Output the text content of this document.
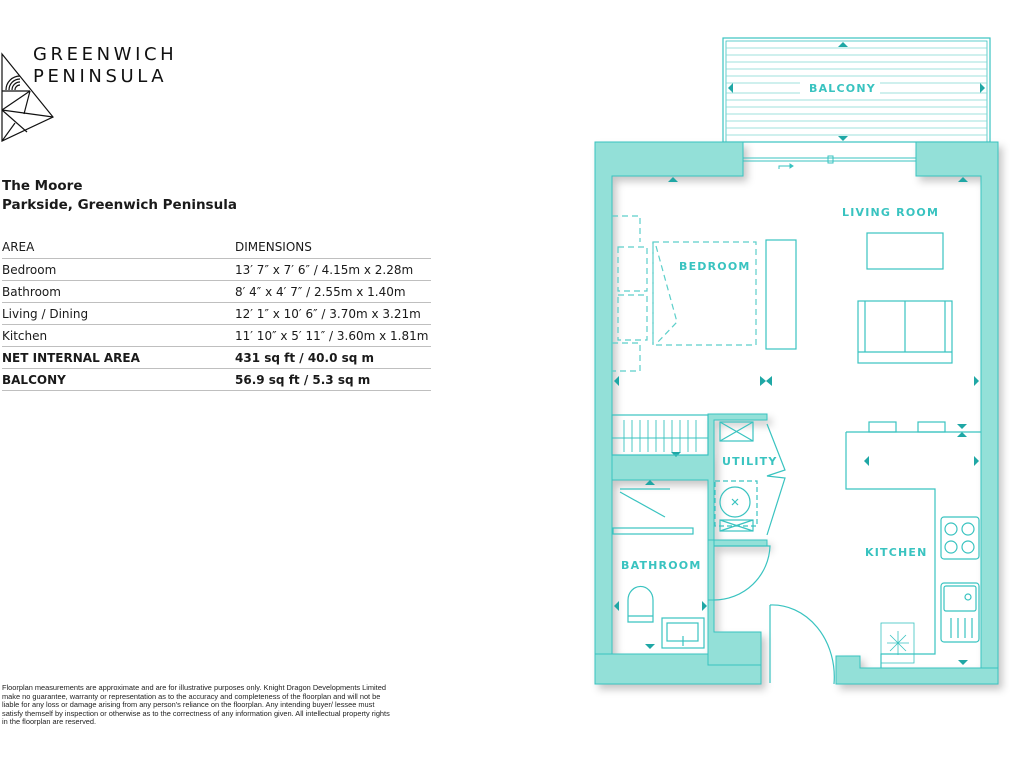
GREENWICH
PENINSULA
The Moore
Parkside, Greenwich Peninsula
AREA	DIMENSIONS
Bedroom	13′ 7″ x 7′ 6″ / 4.15m x 2.28m
Bathroom	8′ 4″ x 4′ 7″ / 2.55m x 1.40m
Living / Dining	12′ 1″ x 10′ 6″ / 3.70m x 3.21m
Kitchen	11′ 10″ x 5′ 11″ / 3.60m x 1.81m
NET INTERNAL AREA	431 sq ft / 40.0 sq m
BALCONY	56.9 sq ft / 5.3 sq m
Floorplan measurements are approximate and are for illustrative purposes only. Knight Dragon Developments Limited make no guarantee, warranty or representation as to the accuracy and completeness of the floorplan and will not be liable for any loss or damage arising from any person's reliance on the floorplan. Any intending buyer/ lessee must satisfy themself by inspection or otherwise as to the correctness of any information given. All intellectual property rights in the floorplan are reserved.
BALCONY
LIVING ROOM
BEDROOM
UTILITY
BATHROOM
KITCHEN
